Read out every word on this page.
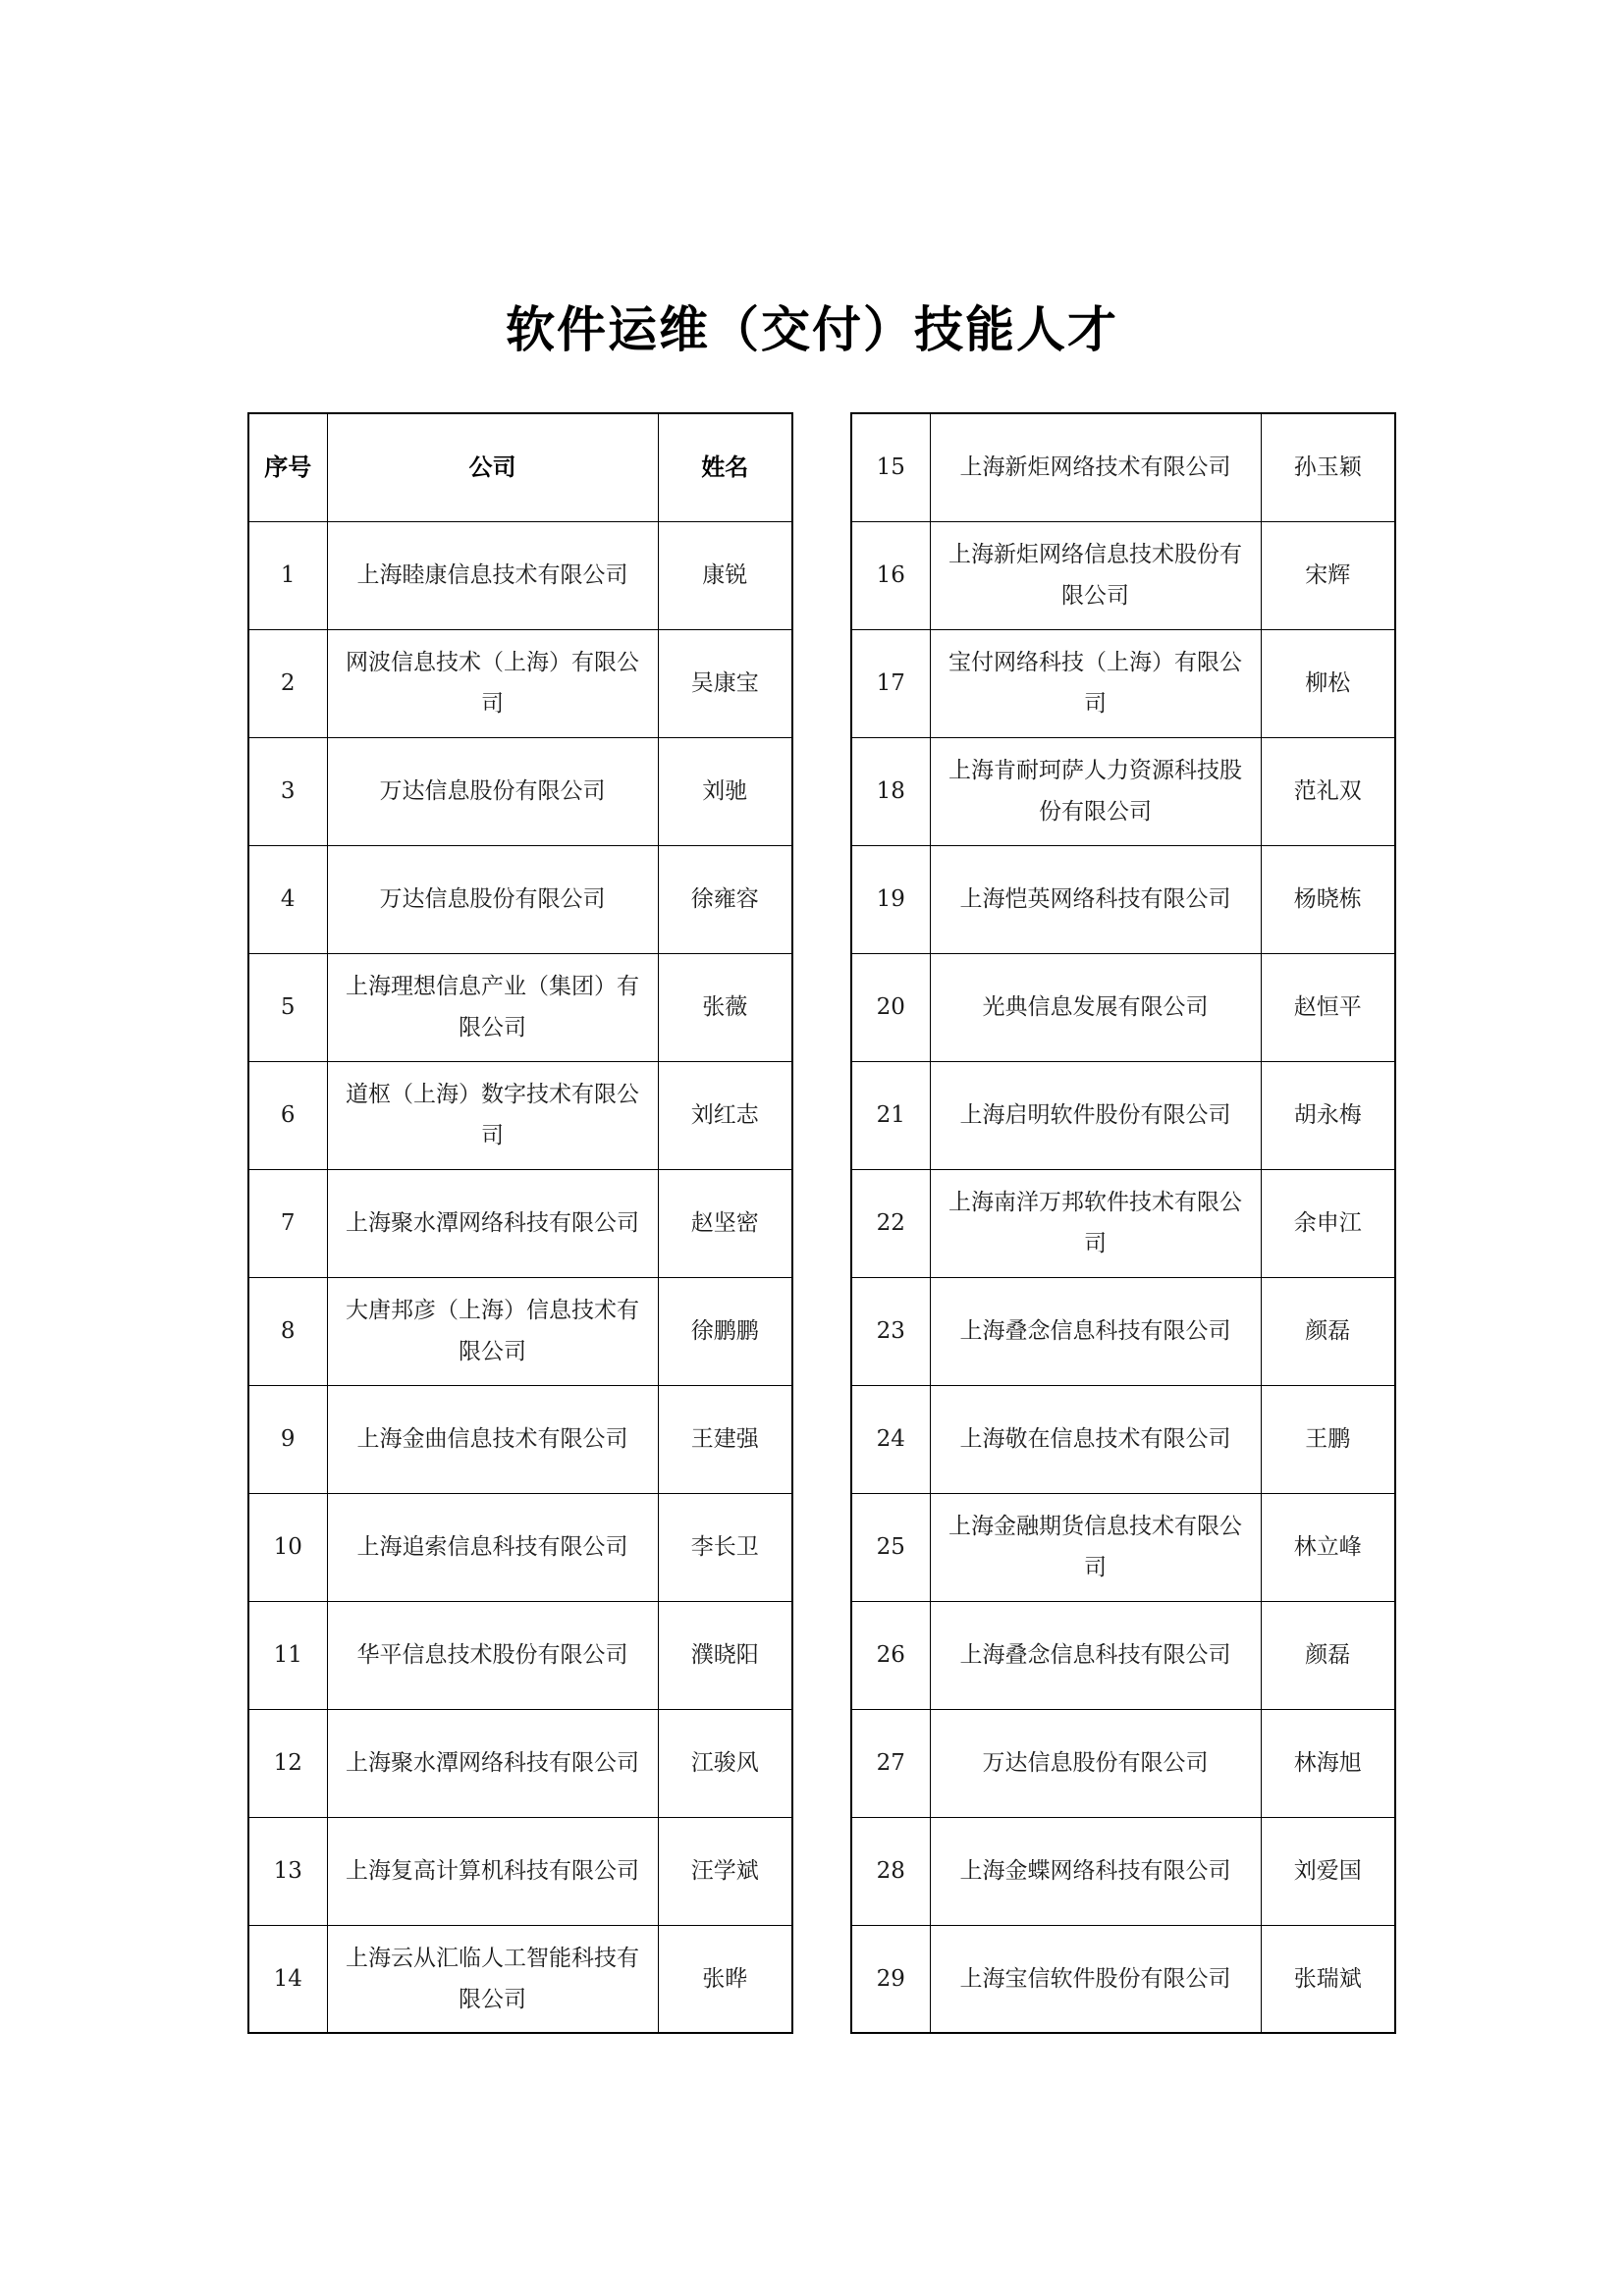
软件运维（交付）技能人才
序号	公司	姓名
1	上海睦康信息技术有限公司	康锐
2	网波信息技术（上海）有限公司	吴康宝
3	万达信息股份有限公司	刘驰
4	万达信息股份有限公司	徐雍容
5	上海理想信息产业（集团）有限公司	张薇
6	道枢（上海）数字技术有限公司	刘红志
7	上海聚水潭网络科技有限公司	赵坚密
8	大唐邦彦（上海）信息技术有限公司	徐鹏鹏
9	上海金曲信息技术有限公司	王建强
10	上海追索信息科技有限公司	李长卫
11	华平信息技术股份有限公司	濮晓阳
12	上海聚水潭网络科技有限公司	江骏风
13	上海复高计算机科技有限公司	汪学斌
14	上海云从汇临人工智能科技有限公司	张晔
15	上海新炬网络技术有限公司	孙玉颖
16	上海新炬网络信息技术股份有限公司	宋辉
17	宝付网络科技（上海）有限公司	柳松
18	上海肯耐珂萨人力资源科技股份有限公司	范礼双
19	上海恺英网络科技有限公司	杨晓栋
20	光典信息发展有限公司	赵恒平
21	上海启明软件股份有限公司	胡永梅
22	上海南洋万邦软件技术有限公司	余申江
23	上海叠念信息科技有限公司	颜磊
24	上海敬在信息技术有限公司	王鹏
25	上海金融期货信息技术有限公司	林立峰
26	上海叠念信息科技有限公司	颜磊
27	万达信息股份有限公司	林海旭
28	上海金蝶网络科技有限公司	刘爱国
29	上海宝信软件股份有限公司	张瑞斌
